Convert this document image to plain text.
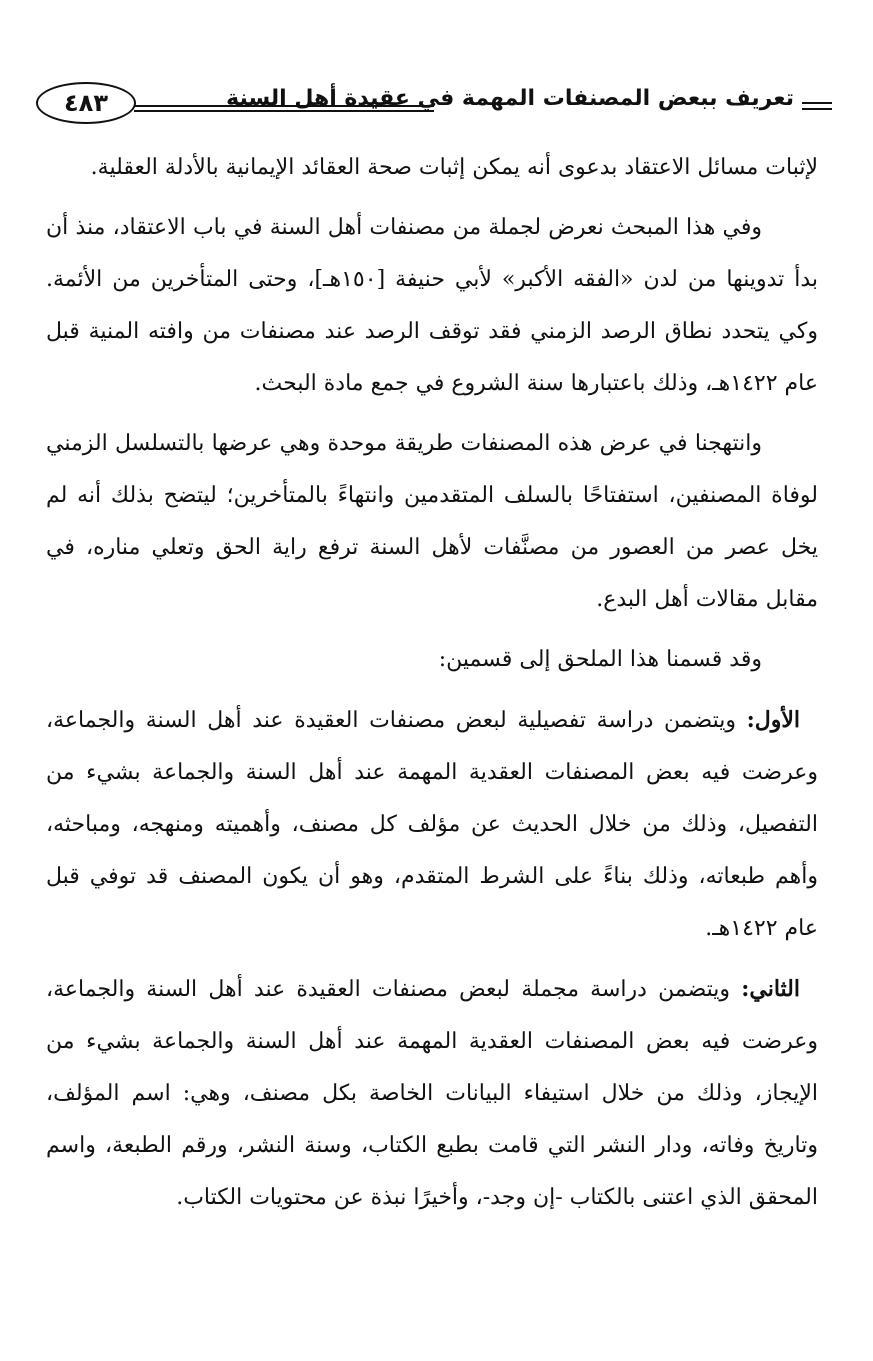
٤٨٣	تعريف ببعض المصنفات المهمة في عقيدة أهل السنة

لإثبات مسائل الاعتقاد بدعوى أنه يمكن إثبات صحة العقائد الإيمانية بالأدلة العقلية.

وفي هذا المبحث نعرض لجملة من مصنفات أهل السنة في باب الاعتقاد، منذ أن بدأ تدوينها من لدن «الفقه الأكبر» لأبي حنيفة [١٥٠هـ]، وحتى المتأخرين من الأئمة. وكي يتحدد نطاق الرصد الزمني فقد توقف الرصد عند مصنفات من وافته المنية قبل عام ١٤٢٢هـ، وذلك باعتبارها سنة الشروع في جمع مادة البحث.

وانتهجنا في عرض هذه المصنفات طريقة موحدة وهي عرضها بالتسلسل الزمني لوفاة المصنفين، استفتاحًا بالسلف المتقدمين وانتهاءً بالمتأخرين؛ ليتضح بذلك أنه لم يخل عصر من العصور من مصنَّفات لأهل السنة ترفع راية الحق وتعلي مناره، في مقابل مقالات أهل البدع.

وقد قسمنا هذا الملحق إلى قسمين:

الأول: ويتضمن دراسة تفصيلية لبعض مصنفات العقيدة عند أهل السنة والجماعة، وعرضت فيه بعض المصنفات العقدية المهمة عند أهل السنة والجماعة بشيء من التفصيل، وذلك من خلال الحديث عن مؤلف كل مصنف، وأهميته ومنهجه، ومباحثه، وأهم طبعاته، وذلك بناءً على الشرط المتقدم، وهو أن يكون المصنف قد توفي قبل عام ١٤٢٢هـ.

الثاني: ويتضمن دراسة مجملة لبعض مصنفات العقيدة عند أهل السنة والجماعة، وعرضت فيه بعض المصنفات العقدية المهمة عند أهل السنة والجماعة بشيء من الإيجاز، وذلك من خلال استيفاء البيانات الخاصة بكل مصنف، وهي: اسم المؤلف، وتاريخ وفاته، ودار النشر التي قامت بطبع الكتاب، وسنة النشر، ورقم الطبعة، واسم المحقق الذي اعتنى بالكتاب -إن وجد-، وأخيرًا نبذة عن محتويات الكتاب.
